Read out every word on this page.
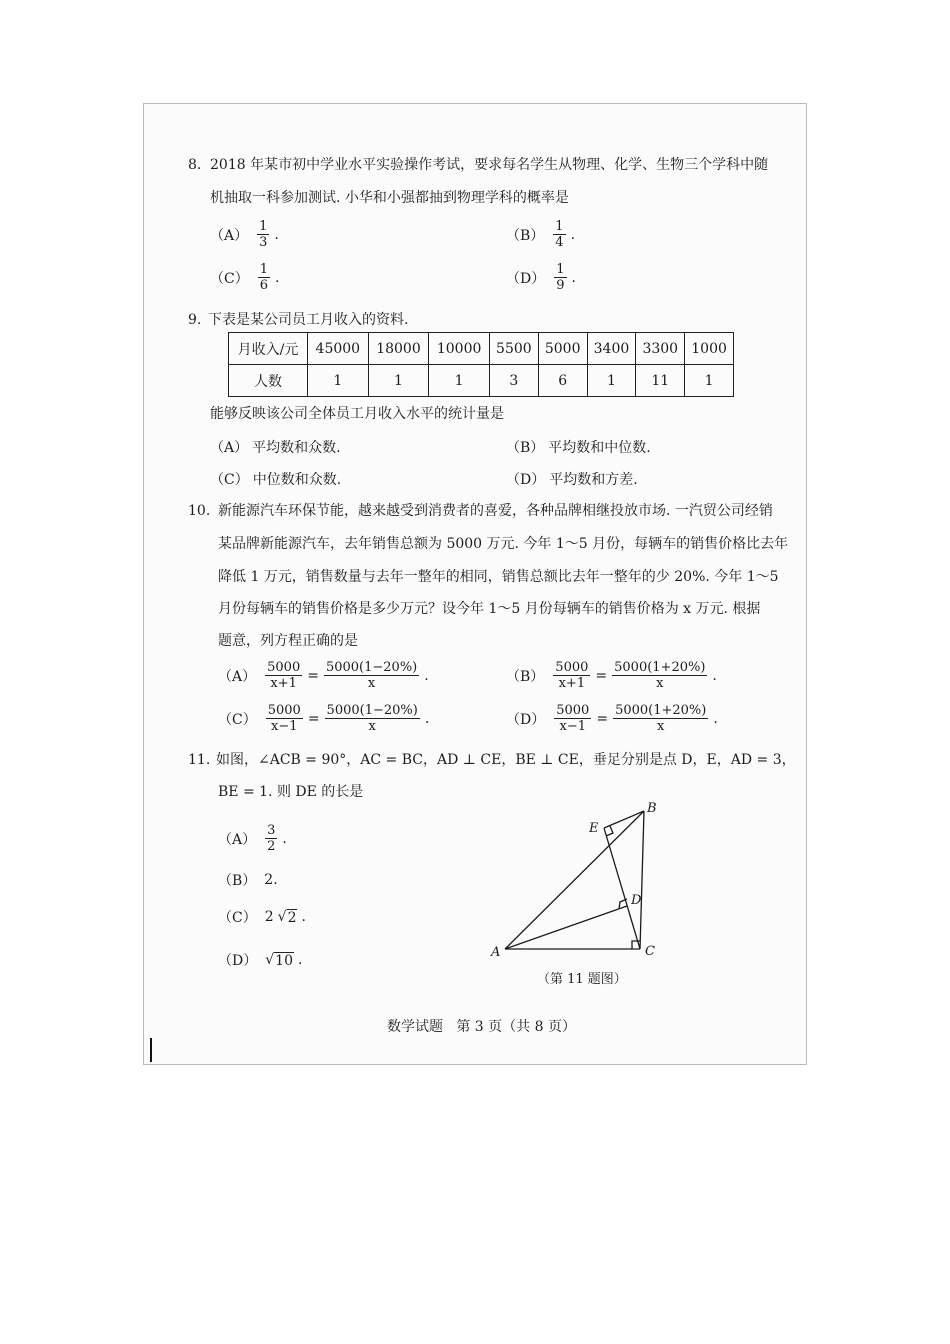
8. 2018 年某市初中学业水平实验操作考试，要求每名学生从物理、化学、生物三个学科中随
机抽取一科参加测试. 小华和小强都抽到物理学科的概率是
$(A) \frac{1}{3}$ .	$(B) \frac{1}{4}$ .
$(C) \frac{1}{6}$ .	$(D) \frac{1}{9}$ .
9. 下表是某公司员工月收入的资料.
月收入/元	45000	18000	10000	5500	5000	3400	3300	1000
人数	1	1	1	3	6	1	11	1
能够反映该公司全体员工月收入水平的统计量是
（A） 平均数和众数.	（B） 平均数和中位数.
（C） 中位数和众数.	（D） 平均数和方差.
10. 新能源汽车环保节能，越来越受到消费者的喜爱，各种品牌相继投放市场. 一汽贸公司经销
某品牌新能源汽车，去年销售总额为 5000 万元. 今年 1～5 月份，每辆车的销售价格比去年
降低 1 万元，销售数量与去年一整年的相同，销售总额比去年一整年的少 20%. 今年 1～5
月份每辆车的销售价格是多少万元？设今年 1～5 月份每辆车的销售价格为 x 万元. 根据
题意，列方程正确的是
$(A) \frac{5000}{x+1} = \frac{5000(1-20\%)}{x}$ .	$(B) \frac{5000}{x+1} = \frac{5000(1+20\%)}{x}$ .
$(C) \frac{5000}{x-1} = \frac{5000(1-20\%)}{x}$ .	$(D) \frac{5000}{x-1} = \frac{5000(1+20\%)}{x}$ .
11. 如图，∠ACB = 90°，AC = BC，AD ⊥ CE，BE ⊥ CE，垂足分别是点 D，E，AD = 3，
BE = 1. 则 DE 的长是
$(A) \frac{3}{2}$ .
（B） 2.
（C） 2 √ 2 .
（D） √ 10 .	A
B
C
D
E
（第 11 题图）
数学试题   第 3 页（共 8 页）
